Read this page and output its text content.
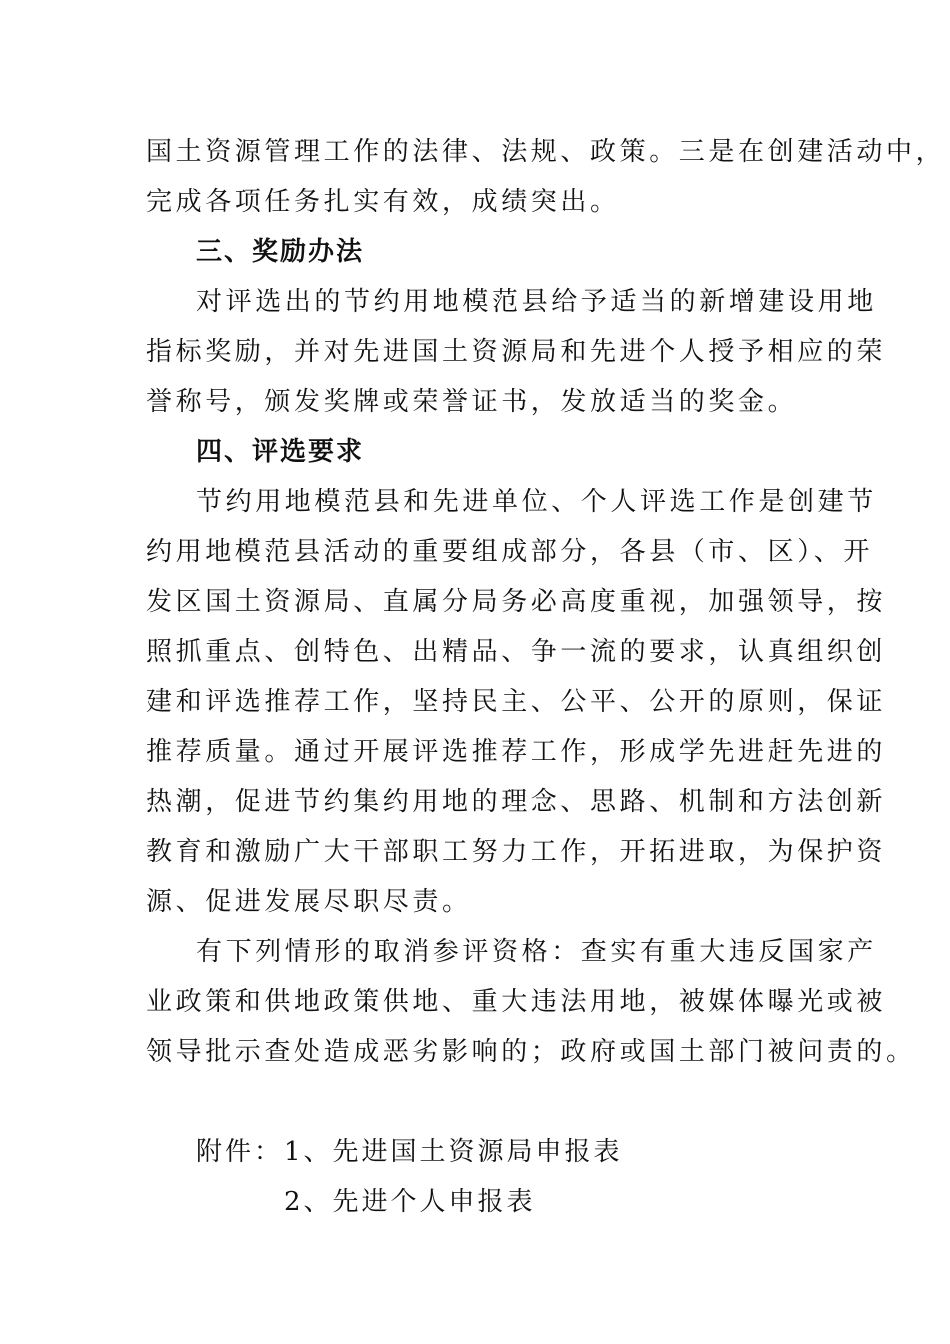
国土资源管理工作的法律、法规、政策。三是在创建活动中，
完成各项任务扎实有效，成绩突出。
三、奖励办法
对评选出的节约用地模范县给予适当的新增建设用地
指标奖励，并对先进国土资源局和先进个人授予相应的荣
誉称号，颁发奖牌或荣誉证书，发放适当的奖金。
四、评选要求
节约用地模范县和先进单位、个人评选工作是创建节
约用地模范县活动的重要组成部分，各县（市、区）、开
发区国土资源局、直属分局务必高度重视，加强领导，按
照抓重点、创特色、出精品、争一流的要求，认真组织创
建和评选推荐工作，坚持民主、公平、公开的原则，保证
推荐质量。通过开展评选推荐工作，形成学先进赶先进的
热潮，促进节约集约用地的理念、思路、机制和方法创新
教育和激励广大干部职工努力工作，开拓进取，为保护资
源、促进发展尽职尽责。
有下列情形的取消参评资格：查实有重大违反国家产
业政策和供地政策供地、重大违法用地，被媒体曝光或被
领导批示查处造成恶劣影响的；政府或国土部门被问责的。
附件： 1、先进国土资源局申报表
2、先进个人申报表
